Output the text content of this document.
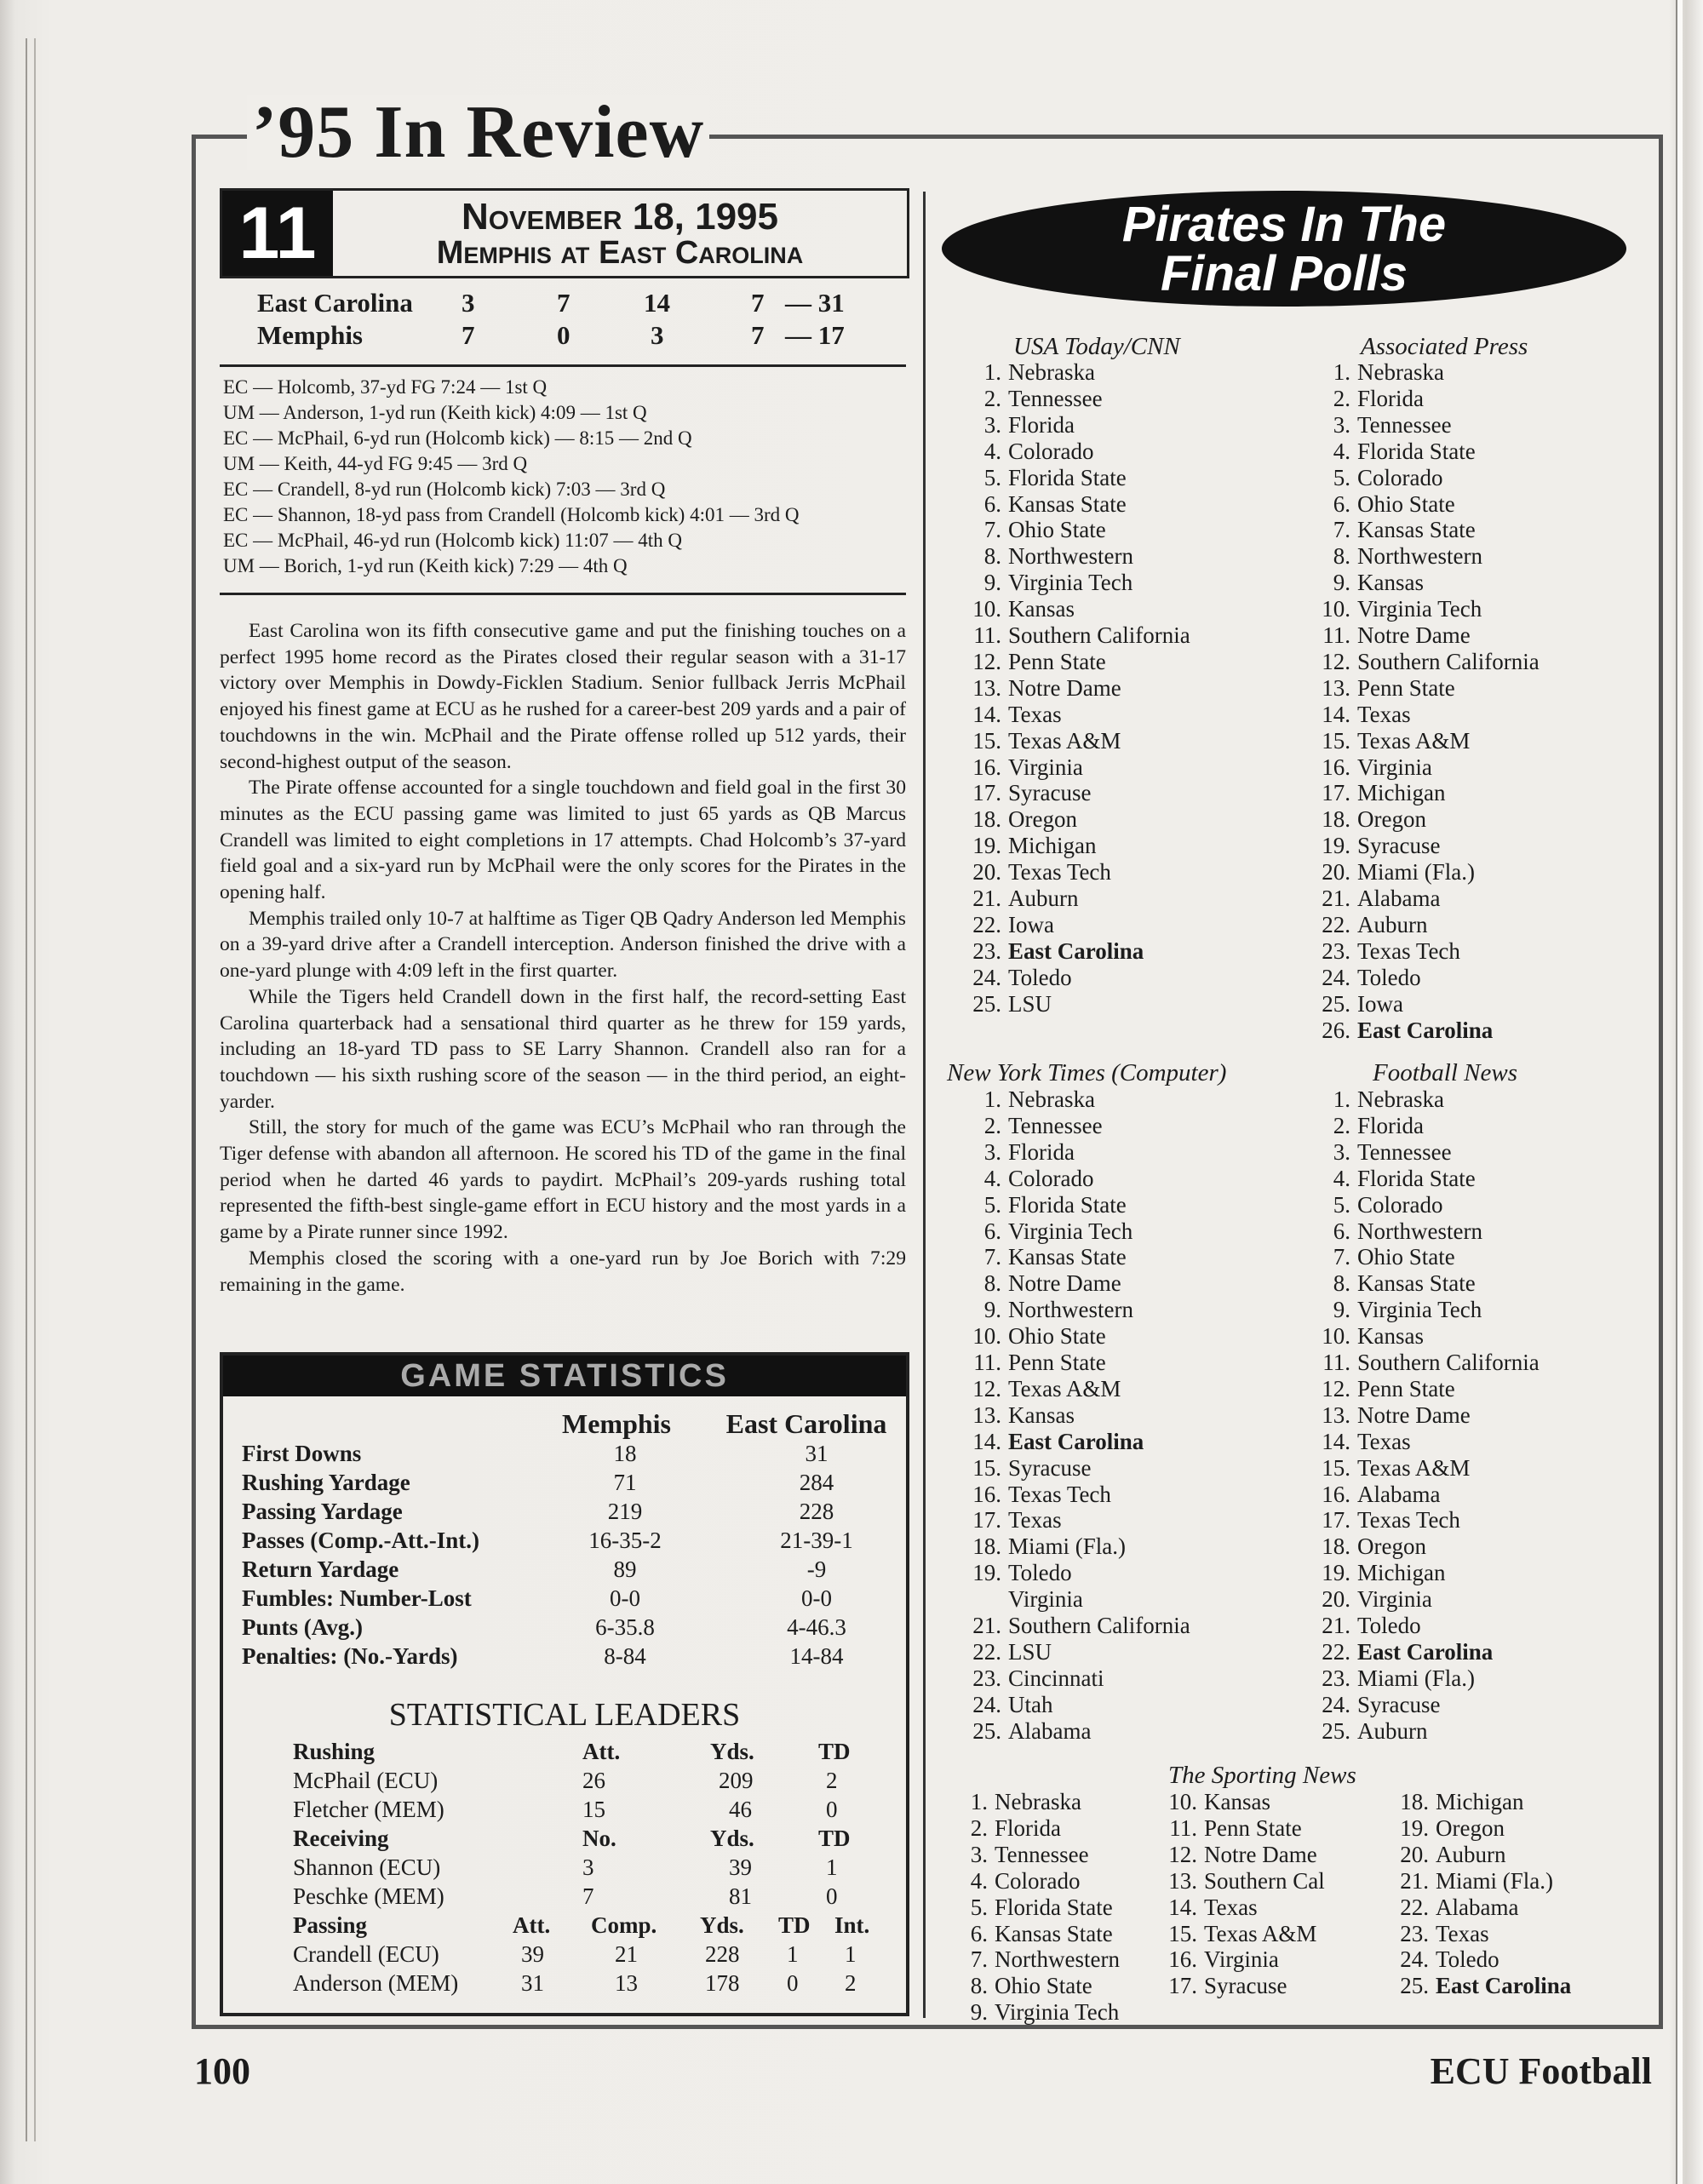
’95 In Review
11	November 18, 1995
Memphis at East Carolina
East Carolina 3	7	14	7 — 31
Memphis	7	0	3	7 — 17
EC — Holcomb, 37-yd FG 7:24 — 1st Q
UM — Anderson, 1-yd run (Keith kick) 4:09 — 1st Q
EC — McPhail, 6-yd run (Holcomb kick) — 8:15 — 2nd Q
UM — Keith, 44-yd FG 9:45 — 3rd Q
EC — Crandell, 8-yd run (Holcomb kick) 7:03 — 3rd Q
EC — Shannon, 18-yd pass from Crandell (Holcomb kick) 4:01 — 3rd Q
EC — McPhail, 46-yd run (Holcomb kick) 11:07 — 4th Q
UM — Borich, 1-yd run (Keith kick) 7:29 — 4th Q

East Carolina won its fifth consecutive game and put the finishing touches on a perfect 1995 home record as the Pirates closed their regular season with a 31-17 victory over Memphis in Dowdy-Ficklen Stadium. Senior fullback Jerris McPhail enjoyed his finest game at ECU as he rushed for a career-best 209 yards and a pair of touchdowns in the win. McPhail and the Pirate offense rolled up 512 yards, their second-highest output of the season.

The Pirate offense accounted for a single touchdown and field goal in the first 30 minutes as the ECU passing game was limited to just 65 yards as QB Marcus Crandell was limited to eight completions in 17 attempts. Chad Holcomb’s 37-yard field goal and a six-yard run by McPhail were the only scores for the Pirates in the opening half.

Memphis trailed only 10-7 at halftime as Tiger QB Qadry Anderson led Memphis on a 39-yard drive after a Crandell interception. Anderson finished the drive with a one-yard plunge with 4:09 left in the first quarter.

While the Tigers held Crandell down in the first half, the record-setting East Carolina quarterback had a sensational third quarter as he threw for 159 yards, including an 18-yard TD pass to SE Larry Shannon. Crandell also ran for a touchdown — his sixth rushing score of the season — in the third period, an eight-yarder.

Still, the story for much of the game was ECU’s McPhail who ran through the Tiger defense with abandon all afternoon. He scored his TD of the game in the final period when he darted 46 yards to paydirt. McPhail’s 209-yards rushing total represented the fifth-best single-game effort in ECU history and the most yards in a game by a Pirate runner since 1992.

Memphis closed the scoring with a one-yard run by Joe Borich with 7:29 remaining in the game.

GAME STATISTICS
Memphis	East Carolina
First Downs	18	31
Rushing Yardage	71	284
Passing Yardage	219	228
Passes (Comp.-Att.-Int.)	16-35-2	21-39-1
Return Yardage	89	-9
Fumbles: Number-Lost	0-0	0-0
Punts (Avg.)	6-35.8	4-46.3
Penalties: (No.-Yards)	8-84	14-84
STATISTICAL LEADERS
Rushing	Att.	Yds.	TD
McPhail (ECU)	26	209	2
Fletcher (MEM)	15	46	0
Receiving	No.	Yds.	TD
Shannon (ECU)	3	39	1
Peschke (MEM)	7	81	0
Passing	Att. Comp. Yds. TD Int.
Crandell (ECU)	39	21	228 1 1
Anderson (MEM)	31	13	178 0 2
Pirates In The
Final Polls
USA Today/CNN
1. Nebraska
2. Tennessee
3. Florida
4. Colorado
5. Florida State
6. Kansas State
7. Ohio State
8. Northwestern
9. Virginia Tech
10. Kansas
11. Southern California
12. Penn State
13. Notre Dame
14. Texas
15. Texas A&M
16. Virginia
17. Syracuse
18. Oregon
19. Michigan
20. Texas Tech
21. Auburn
22. Iowa
23. East Carolina
24. Toledo
25. LSU
Associated Press
1. Nebraska
2. Florida
3. Tennessee
4. Florida State
5. Colorado
6. Ohio State
7. Kansas State
8. Northwestern
9. Kansas
10. Virginia Tech
11. Notre Dame
12. Southern California
13. Penn State
14. Texas
15. Texas A&M
16. Virginia
17. Michigan
18. Oregon
19. Syracuse
20. Miami (Fla.)
21. Alabama
22. Auburn
23. Texas Tech
24. Toledo
25. Iowa
26. East Carolina
New York Times (Computer)
1. Nebraska
2. Tennessee
3. Florida
4. Colorado
5. Florida State
6. Virginia Tech
7. Kansas State
8. Notre Dame
9. Northwestern
10. Ohio State
11. Penn State
12. Texas A&M
13. Kansas
14. East Carolina
15. Syracuse
16. Texas Tech
17. Texas
18. Miami (Fla.)
19. Toledo
Virginia
21. Southern California
22. LSU
23. Cincinnati
24. Utah
25. Alabama
Football News
1. Nebraska
2. Florida
3. Tennessee
4. Florida State
5. Colorado
6. Northwestern
7. Ohio State
8. Kansas State
9. Virginia Tech
10. Kansas
11. Southern California
12. Penn State
13. Notre Dame
14. Texas
15. Texas A&M
16. Alabama
17. Texas Tech
18. Oregon
19. Michigan
20. Virginia
21. Toledo
22. East Carolina
23. Miami (Fla.)
24. Syracuse
25. Auburn
The Sporting News
1. Nebraska
2. Florida
3. Tennessee
4. Colorado
5. Florida State
6. Kansas State
7. Northwestern
8. Ohio State
9. Virginia Tech
10. Kansas
11. Penn State
12. Notre Dame
13. Southern Cal
14. Texas
15. Texas A&M
16. Virginia
17. Syracuse
18. Michigan
19. Oregon
20. Auburn
21. Miami (Fla.)
22. Alabama
23. Texas
24. Toledo
25. East Carolina
100	ECU Football
